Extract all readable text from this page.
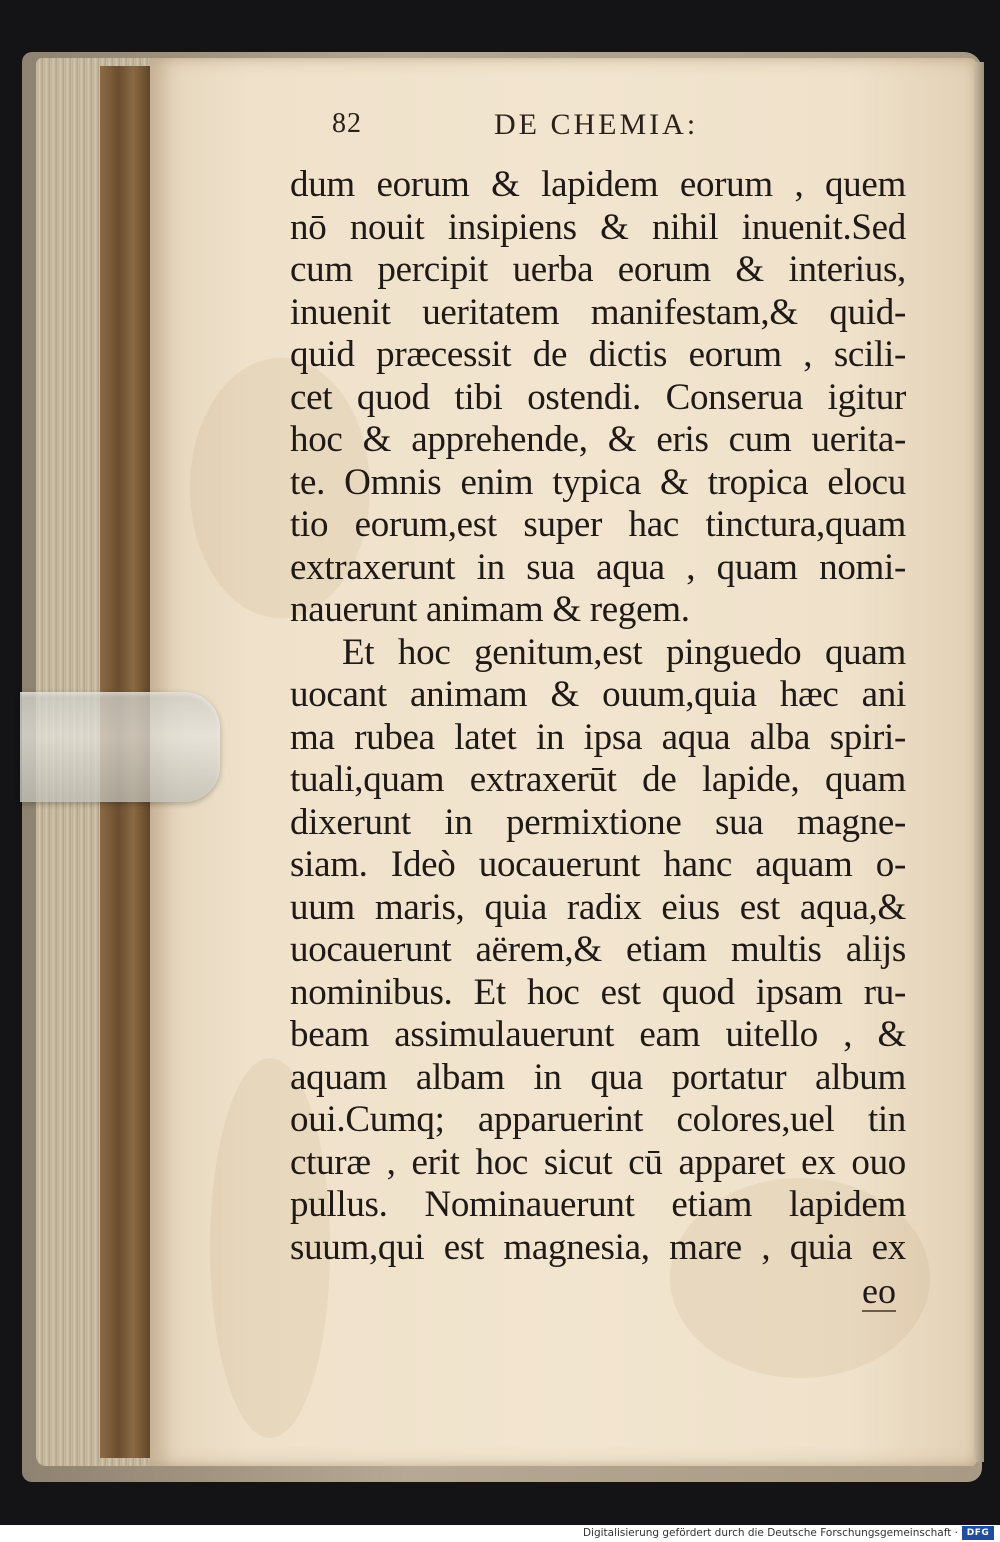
82	DE CHEMIA:
dum eorum & lapidem eorum , quem
nō nouit insipiens & nihil inuenit.Sed
cum percipit uerba eorum & interius,
inuenit ueritatem manifestam,& quid-
quid præcessit de dictis eorum , scili-
cet quod tibi ostendi. Conserua igitur
hoc & apprehende, & eris cum uerita-
te. Omnis enim typica & tropica elocu
tio eorum,est super hac tinctura,quam
extraxerunt in sua aqua , quam nomi-
nauerunt animam & regem.
Et hoc genitum,est pinguedo quam
uocant animam & ouum,quia hæc ani
ma rubea latet in ipsa aqua alba spiri-
tuali,quam extraxerūt de lapide, quam
dixerunt in permixtione sua magne-
siam. Ideò uocauerunt hanc aquam o-
uum maris, quia radix eius est aqua,&
uocauerunt aërem,& etiam multis alijs
nominibus. Et hoc est quod ipsam ru-
beam assimulauerunt eam uitello , &
aquam albam in qua portatur album
oui.Cumq; apparuerint colores,uel tin
cturæ , erit hoc sicut cū apparet ex ouo
pullus. Nominauerunt etiam lapidem
suum,qui est magnesia, mare , quia ex
eo
Digitalisierung gefördert durch die Deutsche Forschungsgemeinschaft · DFG
